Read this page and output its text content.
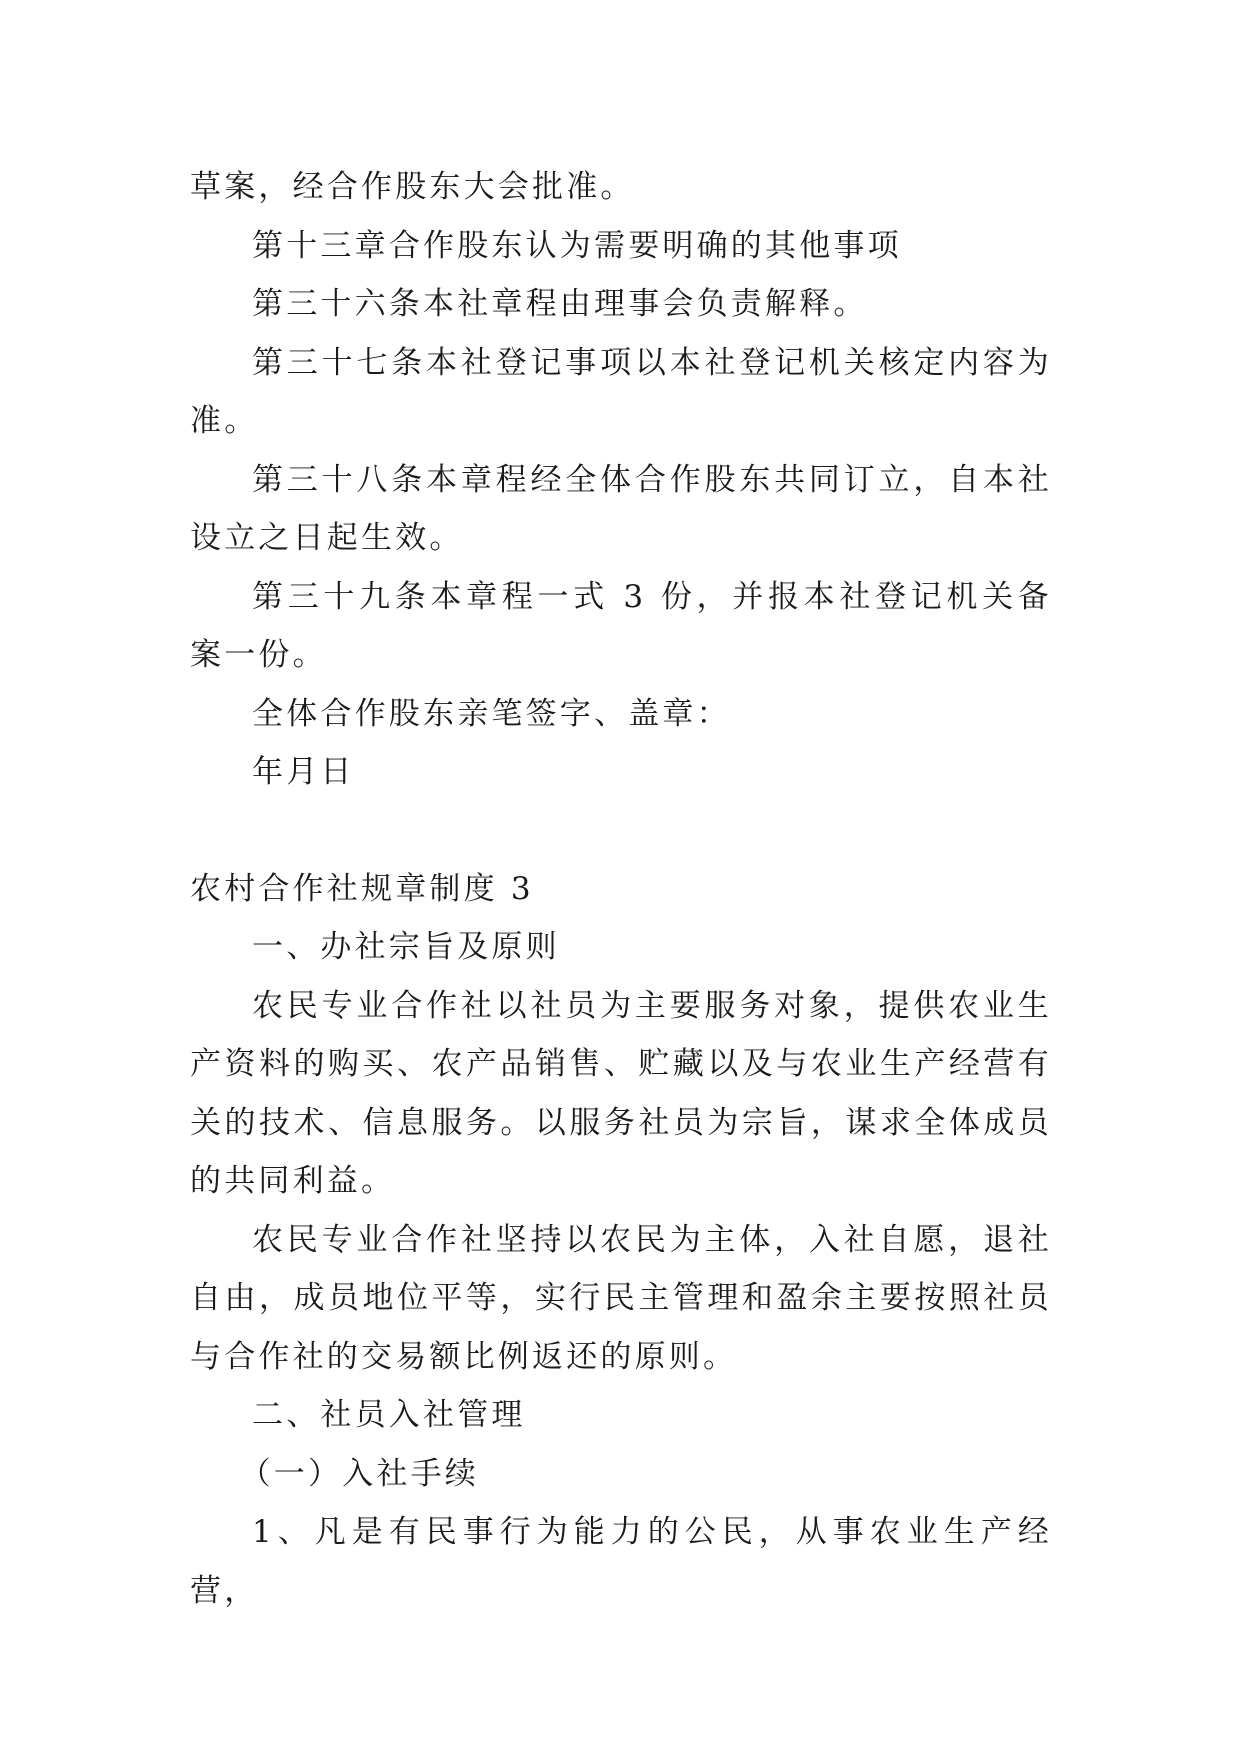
草案，经合作股东大会批准。

第十三章合作股东认为需要明确的其他事项

第三十六条本社章程由理事会负责解释。

第三十七条本社登记事项以本社登记机关核定内容为准。

第三十八条本章程经全体合作股东共同订立，自本社设立之日起生效。

第三十九条本章程一式 3 份，并报本社登记机关备案一份。

全体合作股东亲笔签字、盖章：

年月日

农村合作社规章制度 3

一、办社宗旨及原则

农民专业合作社以社员为主要服务对象，提供农业生产资料的购买、农产品销售、贮藏以及与农业生产经营有关的技术、信息服务。以服务社员为宗旨，谋求全体成员的共同利益。

农民专业合作社坚持以农民为主体，入社自愿，退社自由，成员地位平等，实行民主管理和盈余主要按照社员与合作社的交易额比例返还的原则。

二、社员入社管理

（一）入社手续

1、凡是有民事行为能力的公民，从事农业生产经营，
